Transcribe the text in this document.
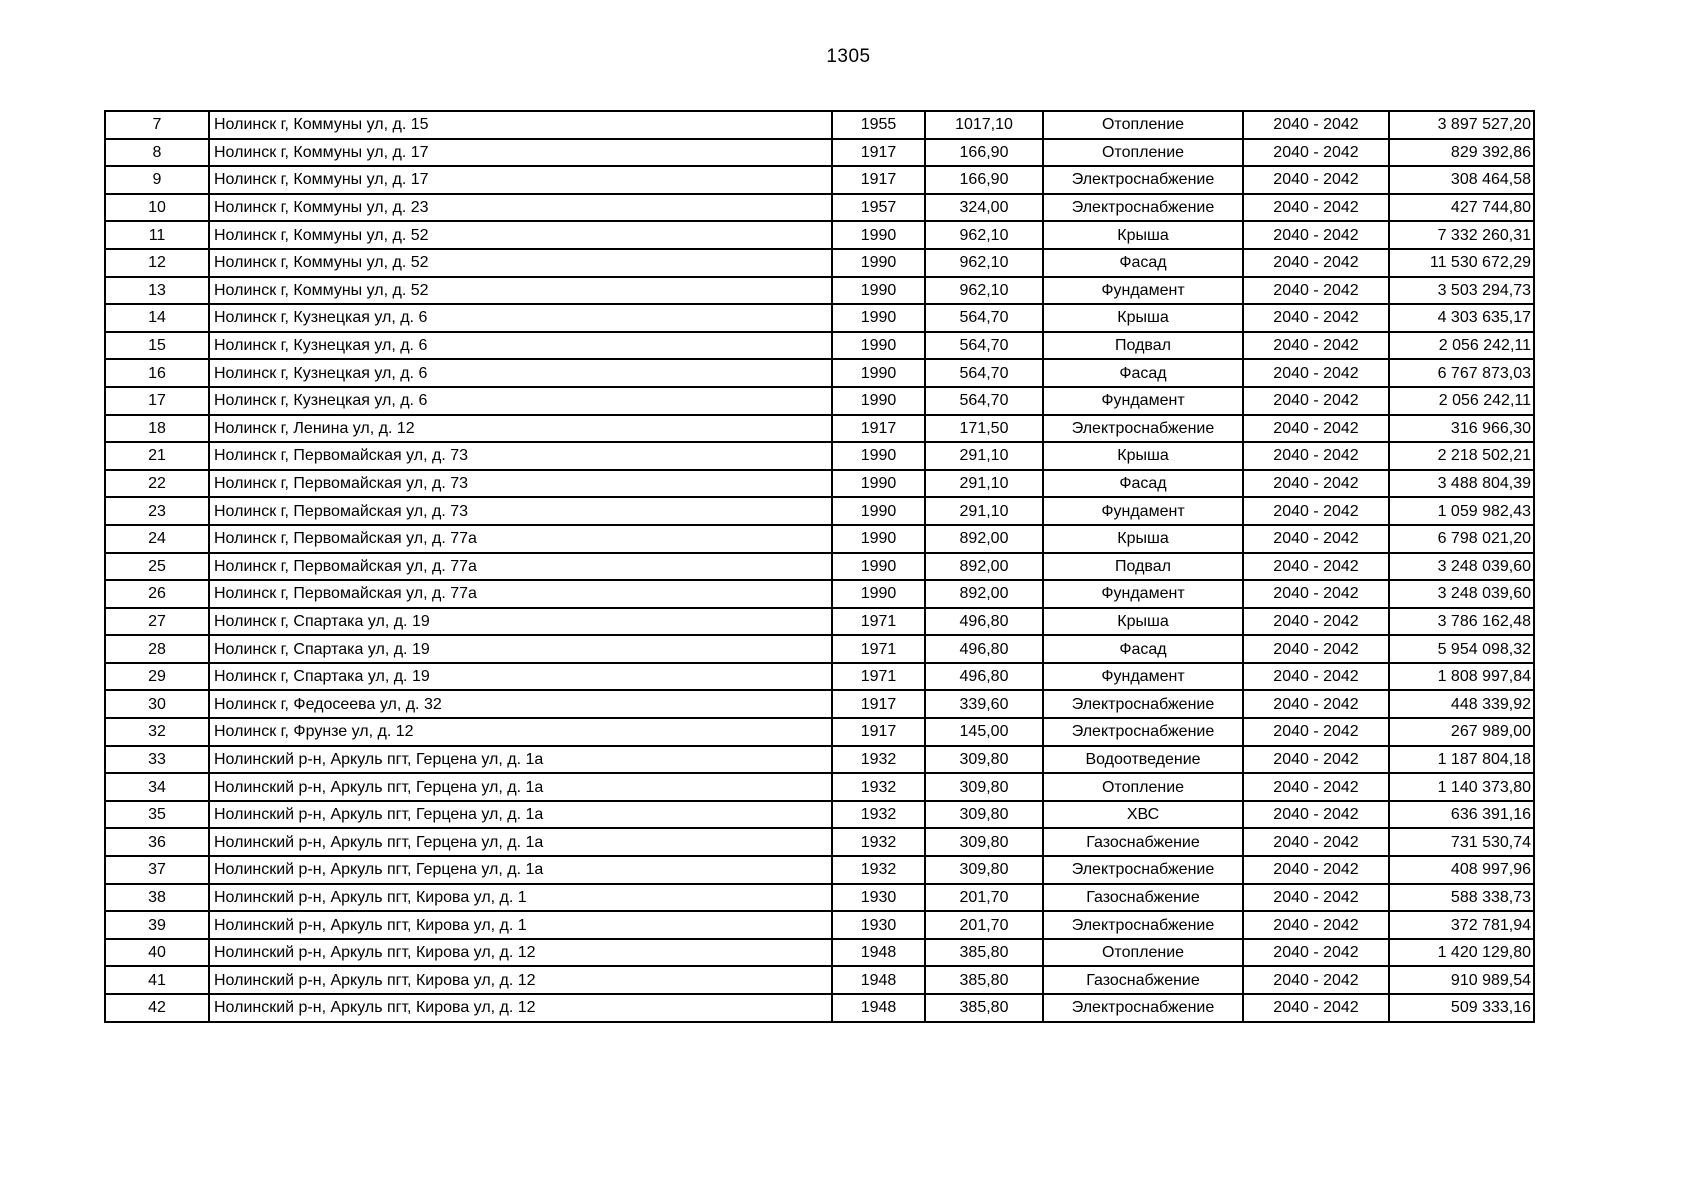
1305
7	Нолинск г, Коммуны ул, д. 15	1955	1017,10	Отопление	2040 - 2042	3 897 527,20
8	Нолинск г, Коммуны ул, д. 17	1917	166,90	Отопление	2040 - 2042	829 392,86
9	Нолинск г, Коммуны ул, д. 17	1917	166,90	Электроснабжение	2040 - 2042	308 464,58
10	Нолинск г, Коммуны ул, д. 23	1957	324,00	Электроснабжение	2040 - 2042	427 744,80
11	Нолинск г, Коммуны ул, д. 52	1990	962,10	Крыша	2040 - 2042	7 332 260,31
12	Нолинск г, Коммуны ул, д. 52	1990	962,10	Фасад	2040 - 2042	11 530 672,29
13	Нолинск г, Коммуны ул, д. 52	1990	962,10	Фундамент	2040 - 2042	3 503 294,73
14	Нолинск г, Кузнецкая ул, д. 6	1990	564,70	Крыша	2040 - 2042	4 303 635,17
15	Нолинск г, Кузнецкая ул, д. 6	1990	564,70	Подвал	2040 - 2042	2 056 242,11
16	Нолинск г, Кузнецкая ул, д. 6	1990	564,70	Фасад	2040 - 2042	6 767 873,03
17	Нолинск г, Кузнецкая ул, д. 6	1990	564,70	Фундамент	2040 - 2042	2 056 242,11
18	Нолинск г, Ленина ул, д. 12	1917	171,50	Электроснабжение	2040 - 2042	316 966,30
21	Нолинск г, Первомайская ул, д. 73	1990	291,10	Крыша	2040 - 2042	2 218 502,21
22	Нолинск г, Первомайская ул, д. 73	1990	291,10	Фасад	2040 - 2042	3 488 804,39
23	Нолинск г, Первомайская ул, д. 73	1990	291,10	Фундамент	2040 - 2042	1 059 982,43
24	Нолинск г, Первомайская ул, д. 77а	1990	892,00	Крыша	2040 - 2042	6 798 021,20
25	Нолинск г, Первомайская ул, д. 77а	1990	892,00	Подвал	2040 - 2042	3 248 039,60
26	Нолинск г, Первомайская ул, д. 77а	1990	892,00	Фундамент	2040 - 2042	3 248 039,60
27	Нолинск г, Спартака ул, д. 19	1971	496,80	Крыша	2040 - 2042	3 786 162,48
28	Нолинск г, Спартака ул, д. 19	1971	496,80	Фасад	2040 - 2042	5 954 098,32
29	Нолинск г, Спартака ул, д. 19	1971	496,80	Фундамент	2040 - 2042	1 808 997,84
30	Нолинск г, Федосеева ул, д. 32	1917	339,60	Электроснабжение	2040 - 2042	448 339,92
32	Нолинск г, Фрунзе ул, д. 12	1917	145,00	Электроснабжение	2040 - 2042	267 989,00
33	Нолинский р-н, Аркуль пгт, Герцена ул, д. 1а	1932	309,80	Водоотведение	2040 - 2042	1 187 804,18
34	Нолинский р-н, Аркуль пгт, Герцена ул, д. 1а	1932	309,80	Отопление	2040 - 2042	1 140 373,80
35	Нолинский р-н, Аркуль пгт, Герцена ул, д. 1а	1932	309,80	ХВС	2040 - 2042	636 391,16
36	Нолинский р-н, Аркуль пгт, Герцена ул, д. 1а	1932	309,80	Газоснабжение	2040 - 2042	731 530,74
37	Нолинский р-н, Аркуль пгт, Герцена ул, д. 1а	1932	309,80	Электроснабжение	2040 - 2042	408 997,96
38	Нолинский р-н, Аркуль пгт, Кирова ул, д. 1	1930	201,70	Газоснабжение	2040 - 2042	588 338,73
39	Нолинский р-н, Аркуль пгт, Кирова ул, д. 1	1930	201,70	Электроснабжение	2040 - 2042	372 781,94
40	Нолинский р-н, Аркуль пгт, Кирова ул, д. 12	1948	385,80	Отопление	2040 - 2042	1 420 129,80
41	Нолинский р-н, Аркуль пгт, Кирова ул, д. 12	1948	385,80	Газоснабжение	2040 - 2042	910 989,54
42	Нолинский р-н, Аркуль пгт, Кирова ул, д. 12	1948	385,80	Электроснабжение	2040 - 2042	509 333,16
